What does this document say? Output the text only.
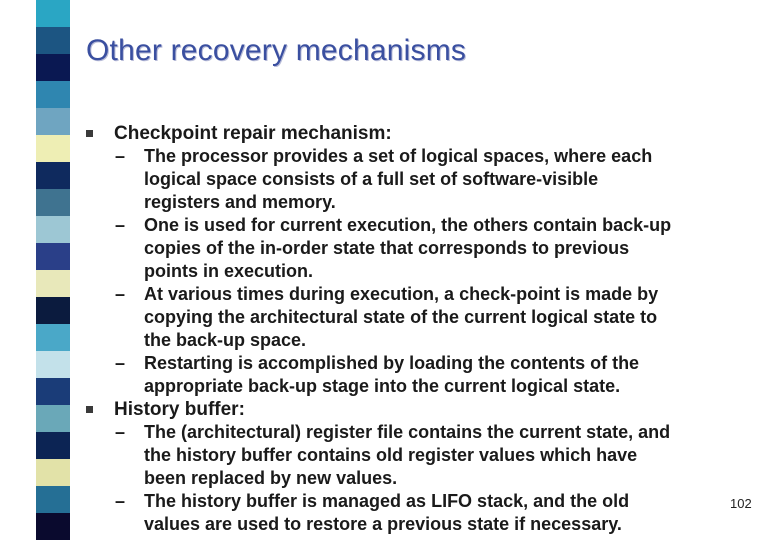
Other recovery mechanisms
Checkpoint repair mechanism:
– The processor provides a set of logical spaces, where each
logical space consists of a full set of software-visible
registers and memory.
– One is used for current execution, the others contain back-up
copies of the in-order state that corresponds to previous
points in execution.
– At various times during execution, a check-point is made by
copying the architectural state of the current logical state to
the back-up space.
– Restarting is accomplished by loading the contents of the
appropriate back-up stage into the current logical state.
History buffer:
– The (architectural) register file contains the current state, and
the history buffer contains old register values which have
been replaced by new values.
– The history buffer is managed as LIFO stack, and the old
values are used to restore a previous state if necessary.
102
